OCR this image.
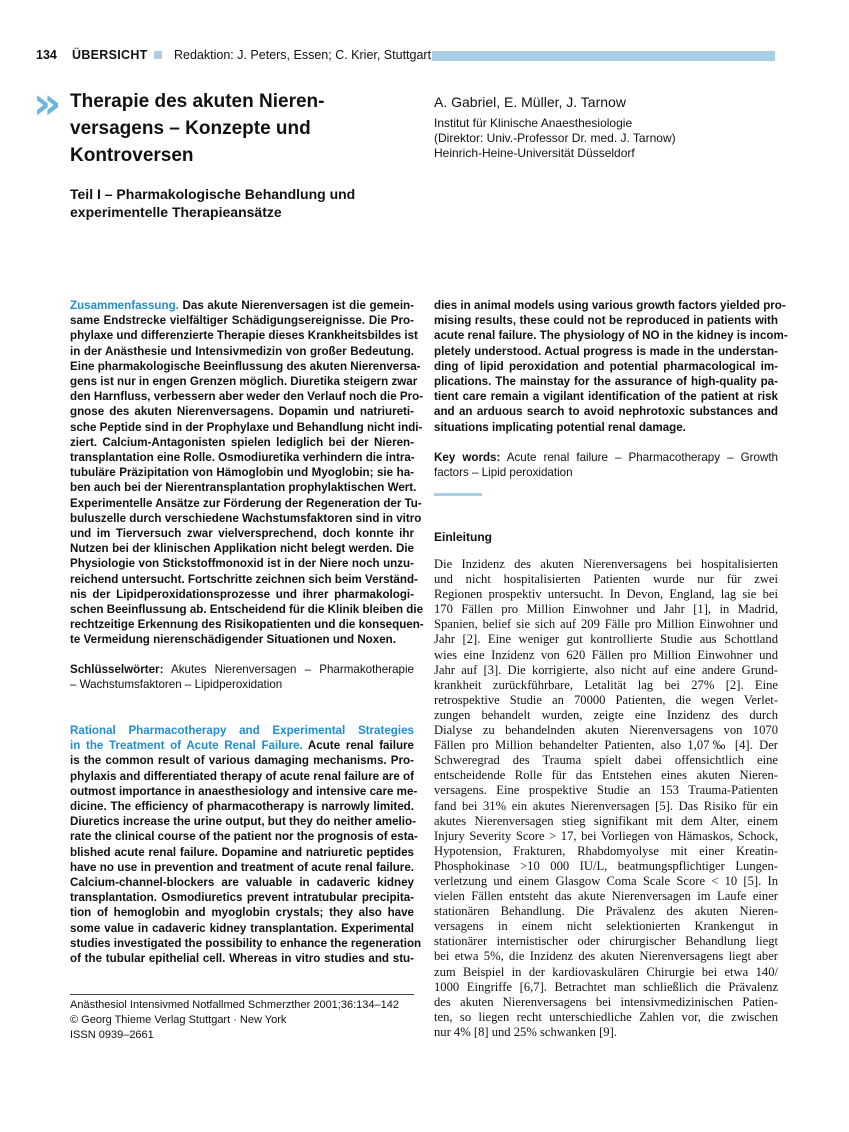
134 ÜBERSICHT Redaktion: J. Peters, Essen; C. Krier, Stuttgart
» Therapie des akuten Nieren-
versagens – Konzepte und
Kontroversen
Teil I – Pharmakologische Behandlung und
experimentelle Therapieansätze
A. Gabriel, E. Müller, J. Tarnow
Institut für Klinische Anaesthesiologie
(Direktor: Univ.-Professor Dr. med. J. Tarnow)
Heinrich-Heine-Universität Düsseldorf
Zusammenfassung. Das akute Nierenversagen ist die gemein-
same Endstrecke vielfältiger Schädigungsereignisse. Die Pro-
phylaxe und differenzierte Therapie dieses Krankheitsbildes ist
in der Anästhesie und Intensivmedizin von großer Bedeutung.
Eine pharmakologische Beeinflussung des akuten Nierenversa-
gens ist nur in engen Grenzen möglich. Diuretika steigern zwar
den Harnfluss, verbessern aber weder den Verlauf noch die Pro-
gnose des akuten Nierenversagens. Dopamin und natriureti-
sche Peptide sind in der Prophylaxe und Behandlung nicht indi-
ziert. Calcium-Antagonisten spielen lediglich bei der Nieren-
transplantation eine Rolle. Osmodiuretika verhindern die intra-
tubuläre Präzipitation von Hämoglobin und Myoglobin; sie ha-
ben auch bei der Nierentransplantation prophylaktischen Wert.
Experimentelle Ansätze zur Förderung der Regeneration der Tu-
buluszelle durch verschiedene Wachstumsfaktoren sind in vitro
und im Tierversuch zwar vielversprechend, doch konnte ihr
Nutzen bei der klinischen Applikation nicht belegt werden. Die
Physiologie von Stickstoffmonoxid ist in der Niere noch unzu-
reichend untersucht. Fortschritte zeichnen sich beim Verständ-
nis der Lipidperoxidationsprozesse und ihrer pharmakologi-
schen Beeinflussung ab. Entscheidend für die Klinik bleiben die
rechtzeitige Erkennung des Risikopatienten und die konsequen-
te Vermeidung nierenschädigender Situationen und Noxen.
Schlüsselwörter: Akutes Nierenversagen – Pharmakotherapie
– Wachstumsfaktoren – Lipidperoxidation
Rational Pharmacotherapy and Experimental Strategies
in the Treatment of Acute Renal Failure. Acute renal failure
is the common result of various damaging mechanisms. Pro-
phylaxis and differentiated therapy of acute renal failure are of
outmost importance in anaesthesiology and intensive care me-
dicine. The efficiency of pharmacotherapy is narrowly limited.
Diuretics increase the urine output, but they do neither amelio-
rate the clinical course of the patient nor the prognosis of esta-
blished acute renal failure. Dopamine and natriuretic peptides
have no use in prevention and treatment of acute renal failure.
Calcium-channel-blockers are valuable in cadaveric kidney
transplantation. Osmodiuretics prevent intratubular precipita-
tion of hemoglobin and myoglobin crystals; they also have
some value in cadaveric kidney transplantation. Experimental
studies investigated the possibility to enhance the regeneration
of the tubular epithelial cell. Whereas in vitro studies and stu-
dies in animal models using various growth factors yielded pro-
mising results, these could not be reproduced in patients with
acute renal failure. The physiology of NO in the kidney is incom-
pletely understood. Actual progress is made in the understan-
ding of lipid peroxidation and potential pharmacological im-
plications. The mainstay for the assurance of high-quality pa-
tient care remain a vigilant identification of the patient at risk
and an arduous search to avoid nephrotoxic substances and
situations implicating potential renal damage.
Key words: Acute renal failure – Pharmacotherapy – Growth
factors – Lipid peroxidation
Einleitung
Die Inzidenz des akuten Nierenversagens bei hospitalisierten
und nicht hospitalisierten Patienten wurde nur für zwei
Regionen prospektiv untersucht. In Devon, England, lag sie bei
170 Fällen pro Million Einwohner und Jahr [1], in Madrid,
Spanien, belief sie sich auf 209 Fälle pro Million Einwohner und
Jahr [2]. Eine weniger gut kontrollierte Studie aus Schottland
wies eine Inzidenz von 620 Fällen pro Million Einwohner und
Jahr auf [3]. Die korrigierte, also nicht auf eine andere Grund-
krankheit zurückführbare, Letalität lag bei 27% [2]. Eine
retrospektive Studie an 70000 Patienten, die wegen Verlet-
zungen behandelt wurden, zeigte eine Inzidenz des durch
Dialyse zu behandelnden akuten Nierenversagens von 1070
Fällen pro Million behandelter Patienten, also 1,07‰ [4]. Der
Schweregrad des Trauma spielt dabei offensichtlich eine
entscheidende Rolle für das Entstehen eines akuten Nieren-
versagens. Eine prospektive Studie an 153 Trauma-Patienten
fand bei 31% ein akutes Nierenversagen [5]. Das Risiko für ein
akutes Nierenversagen stieg signifikant mit dem Alter, einem
Injury Severity Score > 17, bei Vorliegen von Hämaskos, Schock,
Hypotension, Frakturen, Rhabdomyolyse mit einer Kreatin-
Phosphokinase >10 000 IU/L, beatmungspflichtiger Lungen-
verletzung und einem Glasgow Coma Scale Score < 10 [5]. In
vielen Fällen entsteht das akute Nierenversagen im Laufe einer
stationären Behandlung. Die Prävalenz des akuten Nieren-
versagens in einem nicht selektionierten Krankengut in
stationärer internistischer oder chirurgischer Behandlung liegt
bei etwa 5%, die Inzidenz des akuten Nierenversagens liegt aber
zum Beispiel in der kardiovaskulären Chirurgie bei etwa 140/
1000 Eingriffe [6,7]. Betrachtet man schließlich die Prävalenz
des akuten Nierenversagens bei intensivmedizinischen Patien-
ten, so liegen recht unterschiedliche Zahlen vor, die zwischen
nur 4% [8] und 25% schwanken [9].
Anästhesiol Intensivmed Notfallmed Schmerzther 2001;36:134–142
© Georg Thieme Verlag Stuttgart · New York
ISSN 0939–2661
